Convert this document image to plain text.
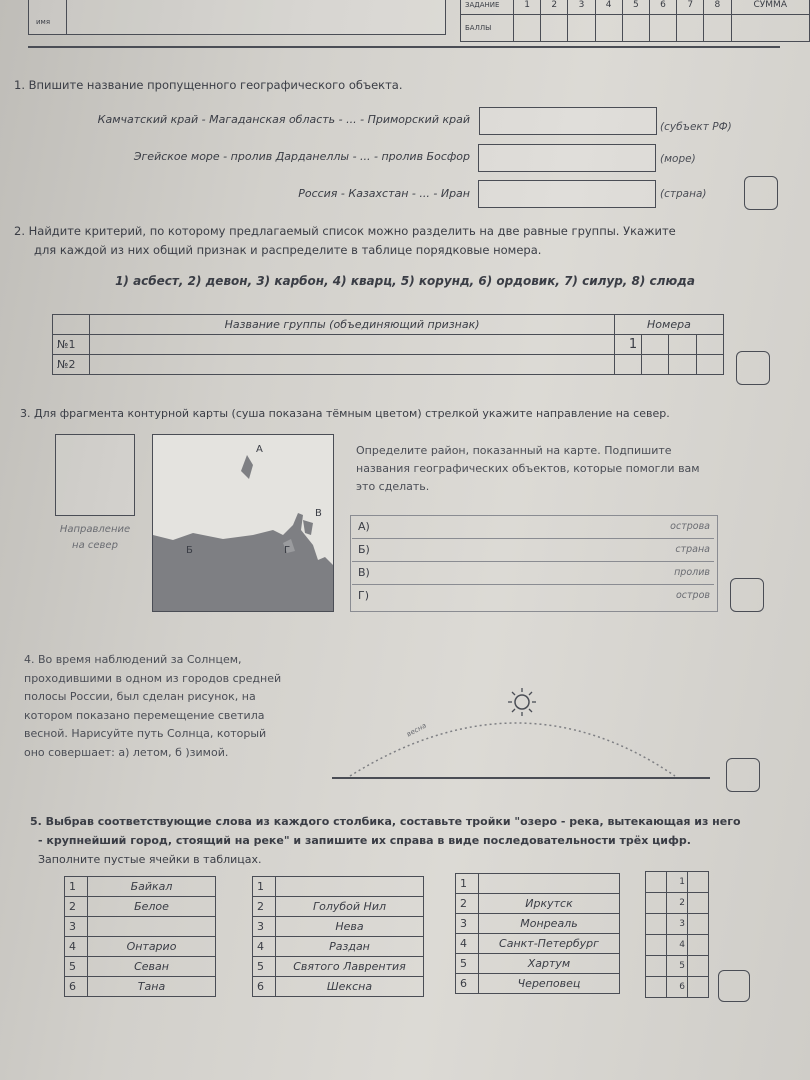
имя
ЗАДАНИЕ	1	2	3	4	5	6	7	8	СУММА
БАЛЛЫ									
1. Впишите название пропущенного географического объекта.
Камчатский край - Магаданская область - ... - Приморский край
(субъект РФ)
Эгейское море - пролив Дарданеллы - ... - пролив Босфор	(море)
Россия - Казахстан - ... - Иран	(страна)
2. Найдите критерий, по которому предлагаемый список можно разделить на две равные группы. Укажите
для каждой из них общий признак и распределите в таблице порядковые номера.
1) асбест, 2) девон, 3) карбон, 4) кварц, 5) корунд, 6) ордовик, 7) силур, 8) слюда
	Название группы (объединяющий признак)	Номера			
№1		1			
№2					
3. Для фрагмента контурной карты (суша показана тёмным цветом) стрелкой укажите направление на север.
Направление на север
А
Б
В
Г
Определите район, показанный на карте. Подпишите названия географических объектов, которые помогли вам это сделать.
А)	острова
Б)	страна
В)	пролив
Г)	остров
4. Во время наблюдений за Солнцем, проходившими в одном из городов средней полосы России, был сделан рисунок, на котором показано перемещение светила весной. Нарисуйте путь Солнца, который оно совершает: а) летом, б )зимой.
весна
5. Выбрав соответствующие слова из каждого столбика, составьте тройки "озеро - река, вытекающая из него
- крупнейший город, стоящий на реке" и запишите их справа в виде последовательности трёх цифр.
Заполните пустые ячейки в таблицах.
1	Байкал
2	Белое
3	
4	Онтарио
5	Севан
6	Тана
1	
2	Голубой Нил
3	Нева
4	Раздан
5	Святого Лаврентия
6	Шексна
1	
2	Иркутск
3	Монреаль
4	Санкт-Петербург
5	Хартум
6	Череповец
	1	
	2	
	3	
	4	
	5	
	6	
